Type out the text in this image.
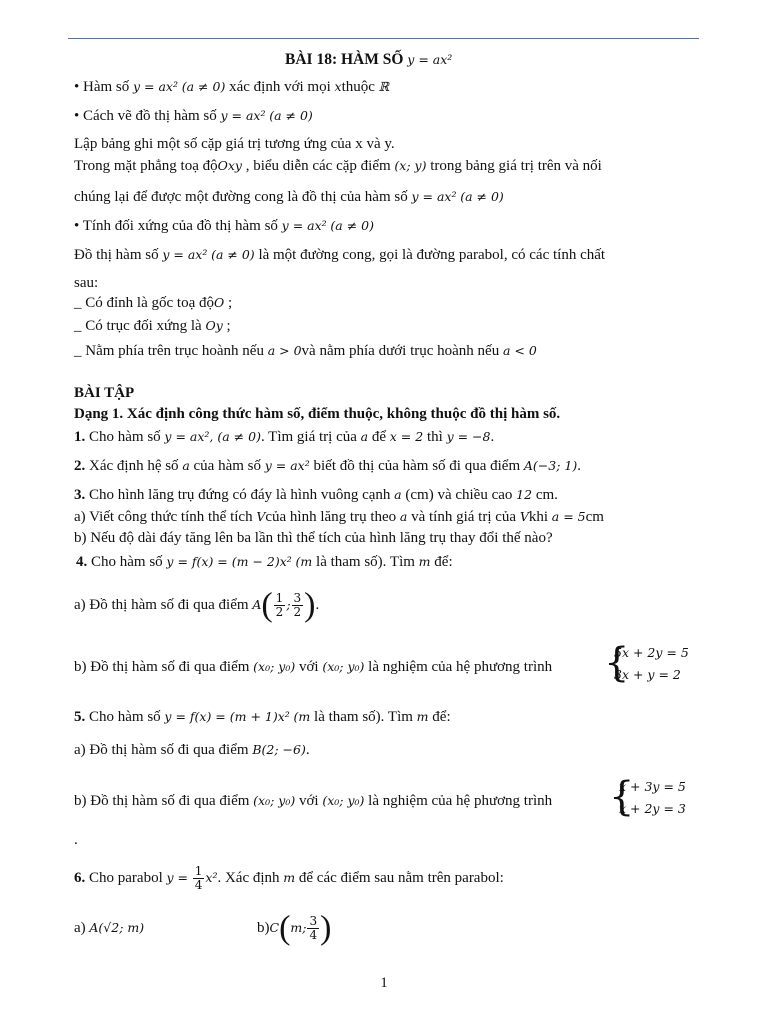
BÀI 18: HÀM SỐ y = ax²
• Hàm số y = ax² (a ≠ 0) xác định với mọi xthuộc ℝ
• Cách vẽ đồ thị hàm số y = ax² (a ≠ 0)
Lập bảng ghi một số cặp giá trị tương ứng của x và y.
Trong mặt phẳng toạ độOxy , biểu diễn các cặp điểm (x; y) trong bảng giá trị trên và nối
chúng lại để được một đường cong là đồ thị của hàm số y = ax² (a ≠ 0)
• Tính đối xứng của đồ thị hàm số y = ax² (a ≠ 0)
Đồ thị hàm số y = ax² (a ≠ 0) là một đường cong, gọi là đường parabol, có các tính chất
sau:
_ Có đỉnh là gốc toạ độO ;
_ Có trục đối xứng là Oy ;
_ Nằm phía trên trục hoành nếu a > 0và nằm phía dưới trục hoành nếu a < 0
BÀI TẬP
Dạng 1. Xác định công thức hàm số, điểm thuộc, không thuộc đồ thị hàm số.
1. Cho hàm số y = ax², (a ≠ 0). Tìm giá trị của a để x = 2 thì y = −8.
2. Xác định hệ số a của hàm số y = ax² biết đồ thị của hàm số đi qua điểm A(−3; 1).
3. Cho hình lăng trụ đứng có đáy là hình vuông cạnh a (cm) và chiều cao 12 cm.
a) Viết công thức tính thể tích Vcủa hình lăng trụ theo a và tính giá trị của Vkhi a = 5cm
b) Nếu độ dài đáy tăng lên ba lần thì thể tích của hình lăng trụ thay đổi thế nào?
4. Cho hàm số y = f(x) = (m − 2)x² (m là tham số). Tìm m để:
a) Đồ thị hàm số đi qua điểm $A( \frac{1}{2}$ ; $\frac{3}{2}$ ).
b) Đồ thị hàm số đi qua điểm (x₀; y₀) với (x₀; y₀) là nghiệm của hệ phương trình {
5x + 2y = 5
3x + y = 2
5. Cho hàm số y = f(x) = (m + 1)x² (m là tham số). Tìm m để:
a) Đồ thị hàm số đi qua điểm B(2; −6).
b) Đồ thị hàm số đi qua điểm (x₀; y₀) với (x₀; y₀) là nghiệm của hệ phương trình {
x + 3y = 5
x + 2y = 3
.
6. Cho parabol $y = \frac{1}{4} x^2$. Xác định m để các điểm sau nằm trên parabol:
a) A(√2; m)	b)C(m; $\frac{3}{4}$ )
1
